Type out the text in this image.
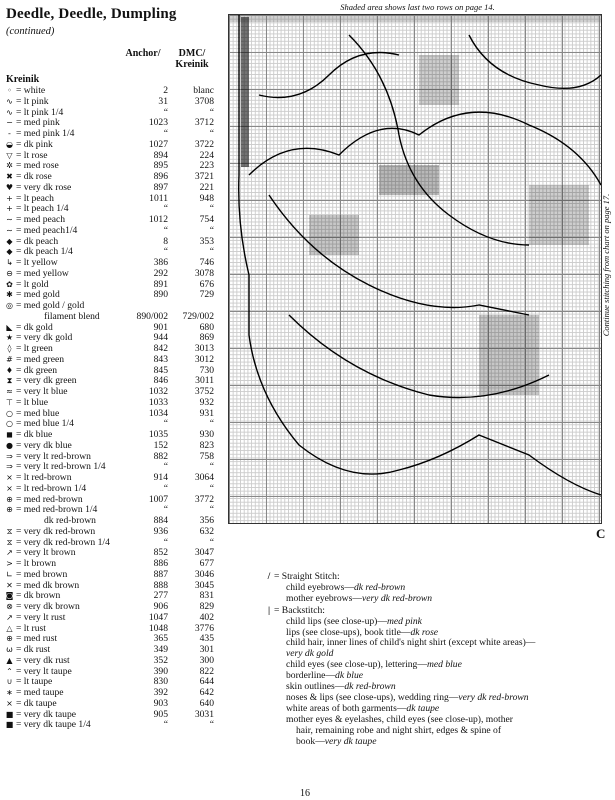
Deedle, Deedle, Dumpling
(continued)
Anchor/	DMC/
Kreinik
Kreinik
◦ = white	2	blanc
∿ = lt pink	31	3708
∿ = lt pink 1/4	“	“
− = med pink	1023	3712
- = med pink 1/4	“	“
◒ = dk pink	1027	3722
▽ = lt rose	894	224
✲ = med rose	895	223
✖ = dk rose	896	3721
♥ = very dk rose	897	221
+ = lt peach	1011	948
+ = lt peach 1/4	“	“
∼ = med peach	1012	754
∼ = med peach1/4	“	“
◆ = dk peach	8	353
◆ = dk peach 1/4	“	“
↳ = lt yellow	386	746
⊖ = med yellow	292	3078
✿ = lt gold	891	676
✱ = med gold	890	729
◎ = med gold / gold
filament blend	890/002	729/002
◣ = dk gold	901	680
★ = very dk gold	944	869
◊ = lt green	842	3013
# = med green	843	3012
♦ = dk green	845	730
⧗ = very dk green	846	3011
≈ = very lt blue	1032	3752
⊤ = lt blue	1033	932
○ = med blue	1034	931
○ = med blue 1/4	“	“
◼ = dk blue	1035	930
● = very dk blue	152	823
⇒ = very lt red-brown	882	758
⇒ = very lt red-brown 1/4	“	“
× = lt red-brown	914	3064
× = lt red-brown 1/4	“	“
⊕ = med red-brown	1007	3772
⊕ = med red-brown 1/4	“	“
dk red-brown	884	356
⧖ = very dk red-brown	936	632
⧖ = very dk red-brown 1/4	“	“
↗ = very lt brown	852	3047
> = lt brown	886	677
∟ = med brown	887	3046
✕ = med dk brown	888	3045
◙ = dk brown	277	831
⊗ = very dk brown	906	829
↗ = very lt rust	1047	402
△ = lt rust	1048	3776
⊕ = med rust	365	435
ω = dk rust	349	301
▲ = very dk rust	352	300
⌃ = very lt taupe	390	822
∪ = lt taupe	830	644
∗ = med taupe	392	642
⨯ = dk taupe	903	640
■ = very dk taupe	905	3031
■ = very dk taupe 1/4	“	“
Shaded area shows last two rows on page 14.
Continue stitching from chart on page 17.
C
/ = Straight Stitch:
child eyebrows—dk red-brown
mother eyebrows—very dk red-brown
| = Backstitch:
child lips (see close-up)—med pink
lips (see close-ups), book title—dk rose
child hair, inner lines of child's night shirt (except white areas)—
very dk gold
child eyes (see close-up), lettering—med blue
borderline—dk blue
skin outlines—dk red-brown
noses & lips (see close-ups), wedding ring—very dk red-brown
white areas of both garments—dk taupe
mother eyes & eyelashes, child eyes (see close-up), mother
hair, remaining robe and night shirt, edges & spine of
book—very dk taupe
16
